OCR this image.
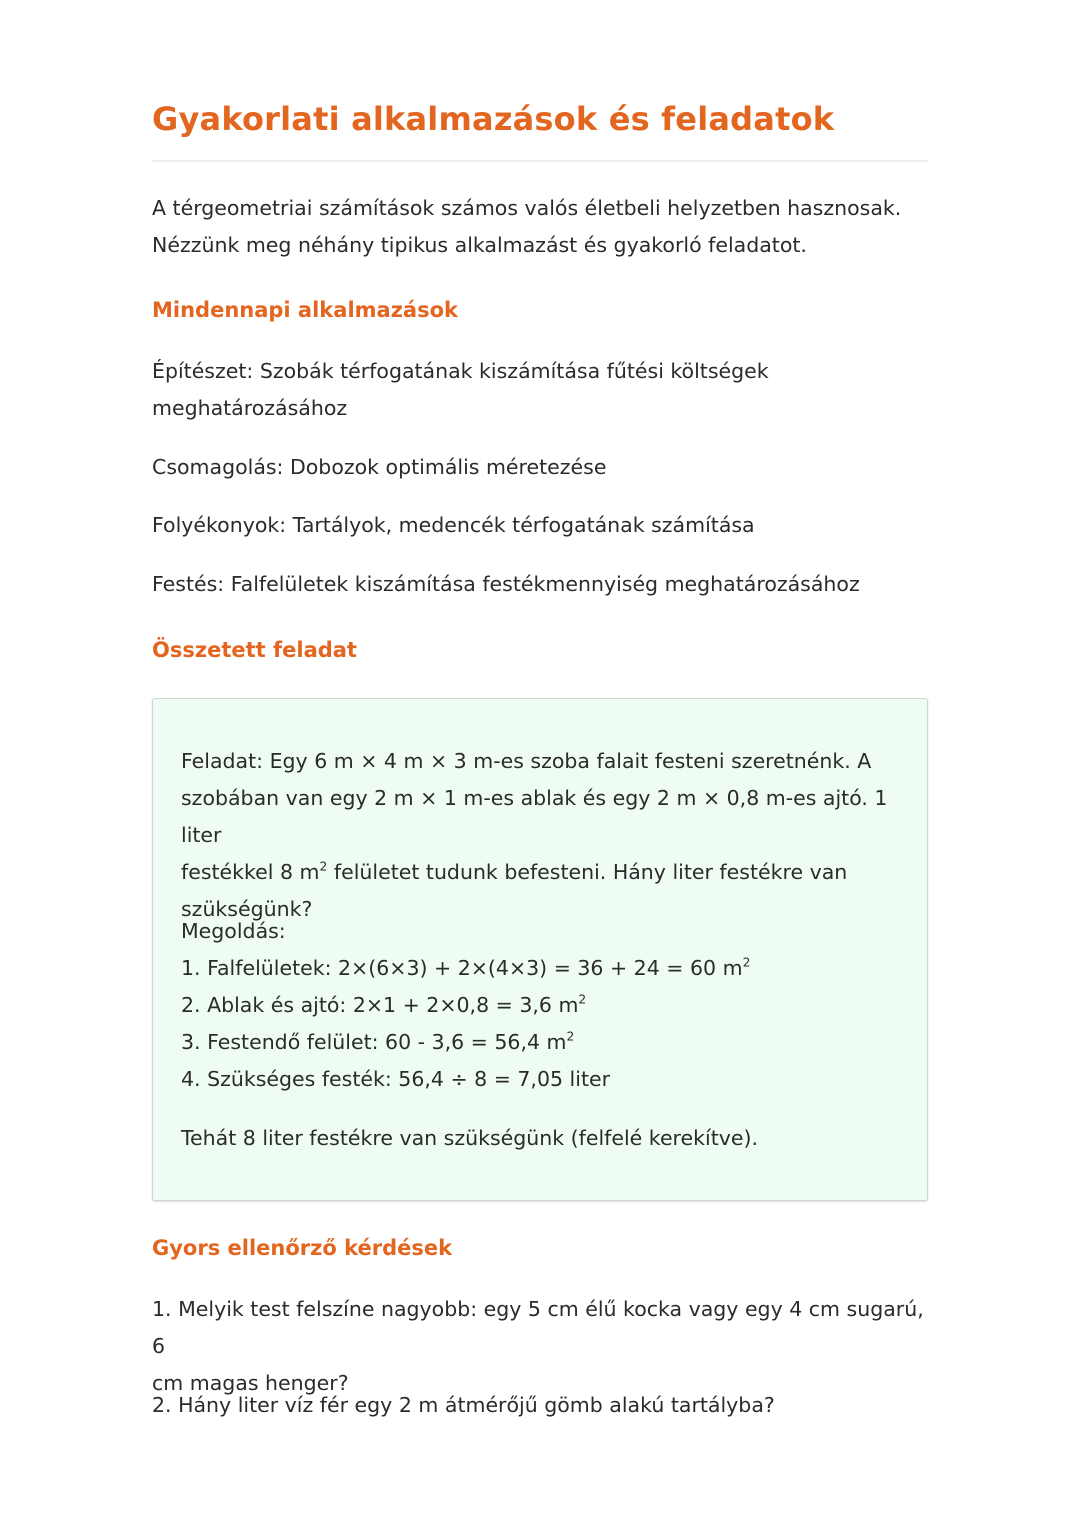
Gyakorlati alkalmazások és feladatok

A térgeometriai számítások számos valós életbeli helyzetben hasznosak.
Nézzünk meg néhány tipikus alkalmazást és gyakorló feladatot.

Mindennapi alkalmazások

Építészet: Szobák térfogatának kiszámítása fűtési költségek
meghatározásához

Csomagolás: Dobozok optimális méretezése

Folyékonyok: Tartályok, medencék térfogatának számítása

Festés: Falfelületek kiszámítása festékmennyiség meghatározásához

Összetett feladat

Feladat: Egy 6 m × 4 m × 3 m-es szoba falait festeni szeretnénk. A
szobában van egy 2 m × 1 m-es ablak és egy 2 m × 0,8 m-es ajtó. 1 liter
festékkel 8 $m^2$ felületet tudunk befesteni. Hány liter festékre van
szükségünk?

Megoldás:

1. Falfelületek: 2×(6×3) + 2×(4×3) = 36 + 24 = 60 $m^2$

2. Ablak és ajtó: 2×1 + 2×0,8 = 3,6 $m^2$

3. Festendő felület: 60 - 3,6 = 56,4 $m^2$

4. Szükséges festék: 56,4 ÷ 8 = 7,05 liter

Tehát 8 liter festékre van szükségünk (felfelé kerekítve).

Gyors ellenőrző kérdések

1. Melyik test felszíne nagyobb: egy 5 cm élű kocka vagy egy 4 cm sugarú, 6
cm magas henger?

2. Hány liter víz fér egy 2 m átmérőjű gömb alakú tartályba?
